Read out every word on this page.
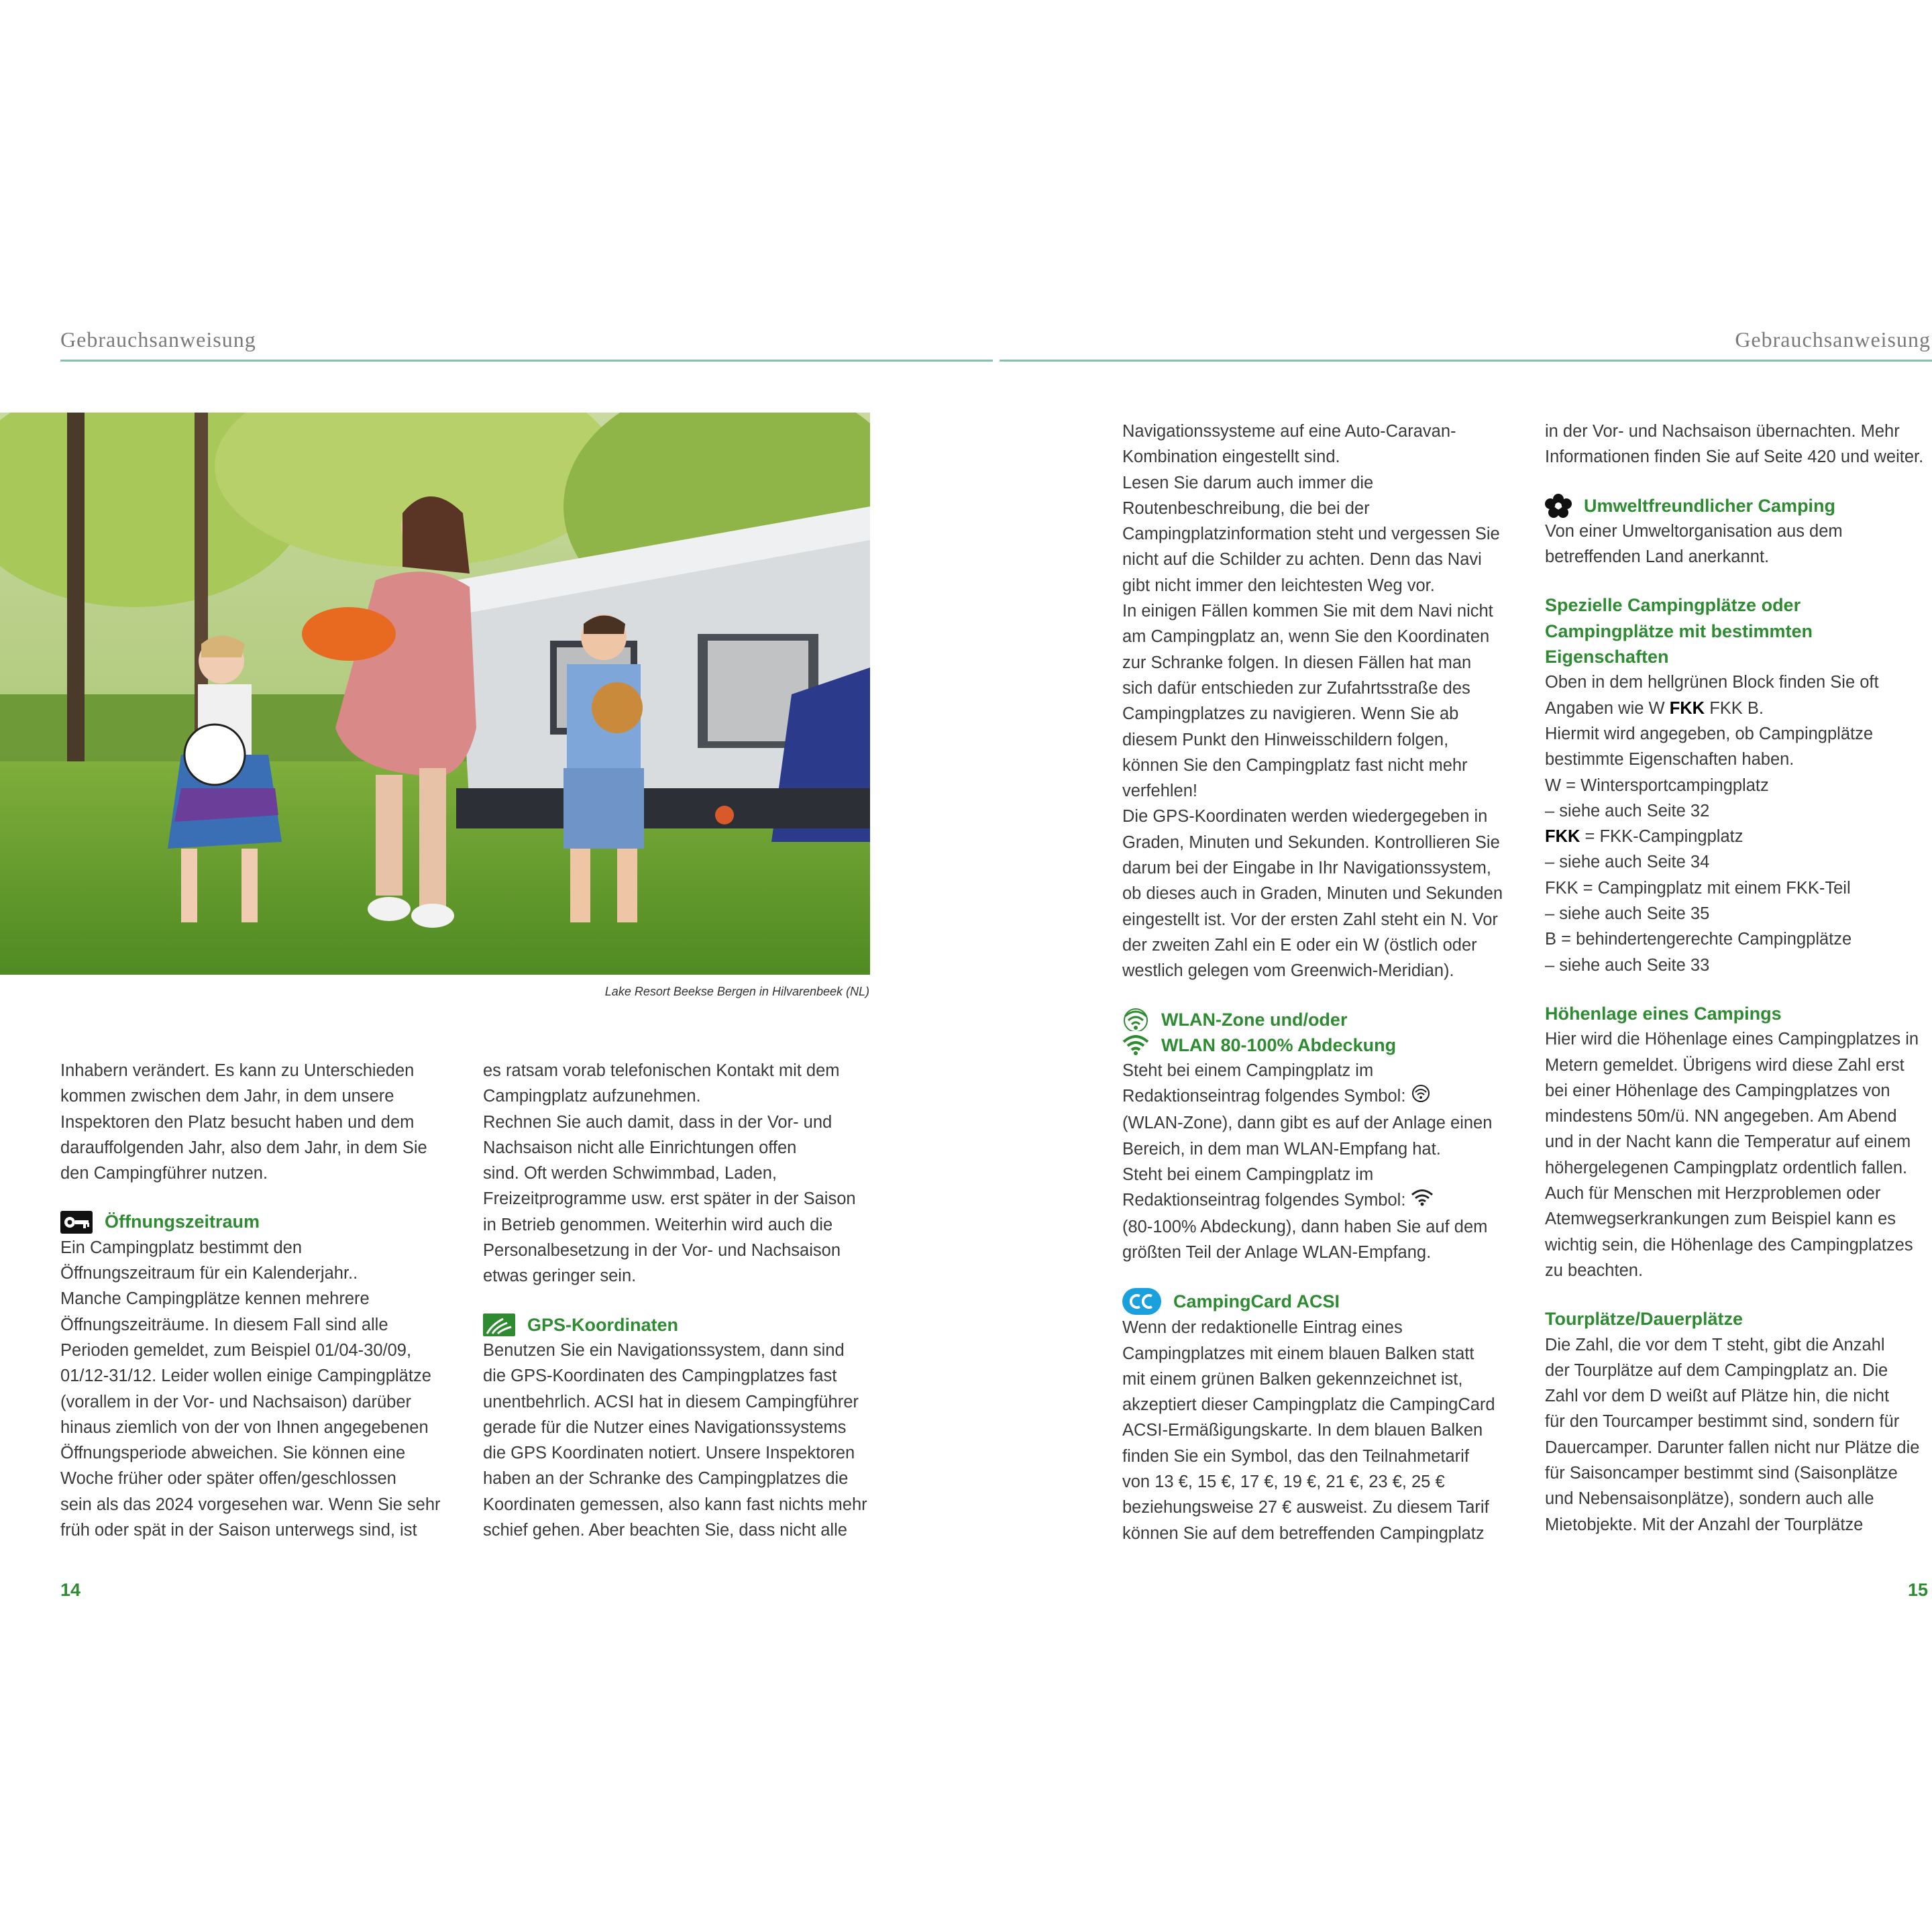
Gebrauchsanweisung	Gebrauchsanweisung
Lake Resort Beekse Bergen in Hilvarenbeek (NL)

Inhabern verändert. Es kann zu Unterschieden

kommen zwischen dem Jahr, in dem unsere

Inspektoren den Platz besucht haben und dem

darauffolgenden Jahr, also dem Jahr, in dem Sie

den Campingführer nutzen.

Öffnungszeitraum

Ein Campingplatz bestimmt den

Öffnungszeitraum für ein Kalenderjahr..

Manche Campingplätze kennen mehrere

Öffnungszeiträume. In diesem Fall sind alle

Perioden gemeldet, zum Beispiel 01/04-30/09,

01/12-31/12. Leider wollen einige Campingplätze

(vorallem in der Vor- und Nachsaison) darüber

hinaus ziemlich von der von Ihnen angegebenen

Öffnungsperiode abweichen. Sie können eine

Woche früher oder später offen/geschlossen

sein als das 2024 vorgesehen war. Wenn Sie sehr

früh oder spät in der Saison unterwegs sind, ist

es ratsam vorab telefonischen Kontakt mit dem

Campingplatz aufzunehmen.

Rechnen Sie auch damit, dass in der Vor- und

Nachsaison nicht alle Einrichtungen offen

sind. Oft werden Schwimmbad, Laden,

Freizeitprogramme usw. erst später in der Saison

in Betrieb genommen. Weiterhin wird auch die

Personalbesetzung in der Vor- und Nachsaison

etwas geringer sein.

GPS-Koordinaten

Benutzen Sie ein Navigationssystem, dann sind

die GPS-Koordinaten des Campingplatzes fast

unentbehrlich. ACSI hat in diesem Campingführer

gerade für die Nutzer eines Navigationssystems

die GPS Koordinaten notiert. Unsere Inspektoren

haben an der Schranke des Campingplatzes die

Koordinaten gemessen, also kann fast nichts mehr

schief gehen. Aber beachten Sie, dass nicht alle

Navigationssysteme auf eine Auto-Caravan-

Kombination eingestellt sind.

Lesen Sie darum auch immer die

Routenbeschreibung, die bei der

Campingplatzinformation steht und vergessen Sie

nicht auf die Schilder zu achten. Denn das Navi

gibt nicht immer den leichtesten Weg vor.

In einigen Fällen kommen Sie mit dem Navi nicht

am Campingplatz an, wenn Sie den Koordinaten

zur Schranke folgen. In diesen Fällen hat man

sich dafür entschieden zur Zufahrtsstraße des

Campingplatzes zu navigieren. Wenn Sie ab

diesem Punkt den Hinweisschildern folgen,

können Sie den Campingplatz fast nicht mehr

verfehlen!

Die GPS-Koordinaten werden wiedergegeben in

Graden, Minuten und Sekunden. Kontrollieren Sie

darum bei der Eingabe in Ihr Navigationssystem,

ob dieses auch in Graden, Minuten und Sekunden

eingestellt ist. Vor der ersten Zahl steht ein N. Vor

der zweiten Zahl ein E oder ein W (östlich oder

westlich gelegen vom Greenwich-Meridian).

WLAN-Zone und/oder
WLAN 80-100% Abdeckung

Steht bei einem Campingplatz im

Redaktionseintrag folgendes Symbol:

(WLAN-Zone), dann gibt es auf der Anlage einen

Bereich, in dem man WLAN-Empfang hat.

Steht bei einem Campingplatz im

Redaktionseintrag folgendes Symbol:

(80-100% Abdeckung), dann haben Sie auf dem

größten Teil der Anlage WLAN-Empfang.

CampingCard ACSI

Wenn der redaktionelle Eintrag eines

Campingplatzes mit einem blauen Balken statt

mit einem grünen Balken gekennzeichnet ist,

akzeptiert dieser Campingplatz die CampingCard

ACSI-Ermäßigungskarte. In dem blauen Balken

finden Sie ein Symbol, das den Teilnahmetarif

von 13 €, 15 €, 17 €, 19 €, 21 €, 23 €, 25 €

beziehungsweise 27 € ausweist. Zu diesem Tarif

können Sie auf dem betreffenden Campingplatz

in der Vor- und Nachsaison übernachten. Mehr

Informationen finden Sie auf Seite 420 und weiter.

Umweltfreundlicher Camping

Von einer Umweltorganisation aus dem

betreffenden Land anerkannt.

Spezielle Campingplätze oder
Campingplätze mit bestimmten
Eigenschaften

Oben in dem hellgrünen Block finden Sie oft

Angaben wie W FKK FKK B.

Hiermit wird angegeben, ob Campingplätze

bestimmte Eigenschaften haben.

W = Wintersportcampingplatz

– siehe auch Seite 32

FKK = FKK-Campingplatz

– siehe auch Seite 34

FKK = Campingplatz mit einem FKK-Teil

– siehe auch Seite 35

B = behindertengerechte Campingplätze

– siehe auch Seite 33

Höhenlage eines Campings

Hier wird die Höhenlage eines Campingplatzes in

Metern gemeldet. Übrigens wird diese Zahl erst

bei einer Höhenlage des Campingplatzes von

mindestens 50m/ü. NN angegeben. Am Abend

und in der Nacht kann die Temperatur auf einem

höhergelegenen Campingplatz ordentlich fallen.

Auch für Menschen mit Herzproblemen oder

Atemwegserkrankungen zum Beispiel kann es

wichtig sein, die Höhenlage des Campingplatzes

zu beachten.

Tourplätze/Dauerplätze

Die Zahl, die vor dem T steht, gibt die Anzahl

der Tourplätze auf dem Campingplatz an. Die

Zahl vor dem D weißt auf Plätze hin, die nicht

für den Tourcamper bestimmt sind, sondern für

Dauercamper. Darunter fallen nicht nur Plätze die

für Saisoncamper bestimmt sind (Saisonplätze

und Nebensaisonplätze), sondern auch alle

Mietobjekte. Mit der Anzahl der Tourplätze

14	15
